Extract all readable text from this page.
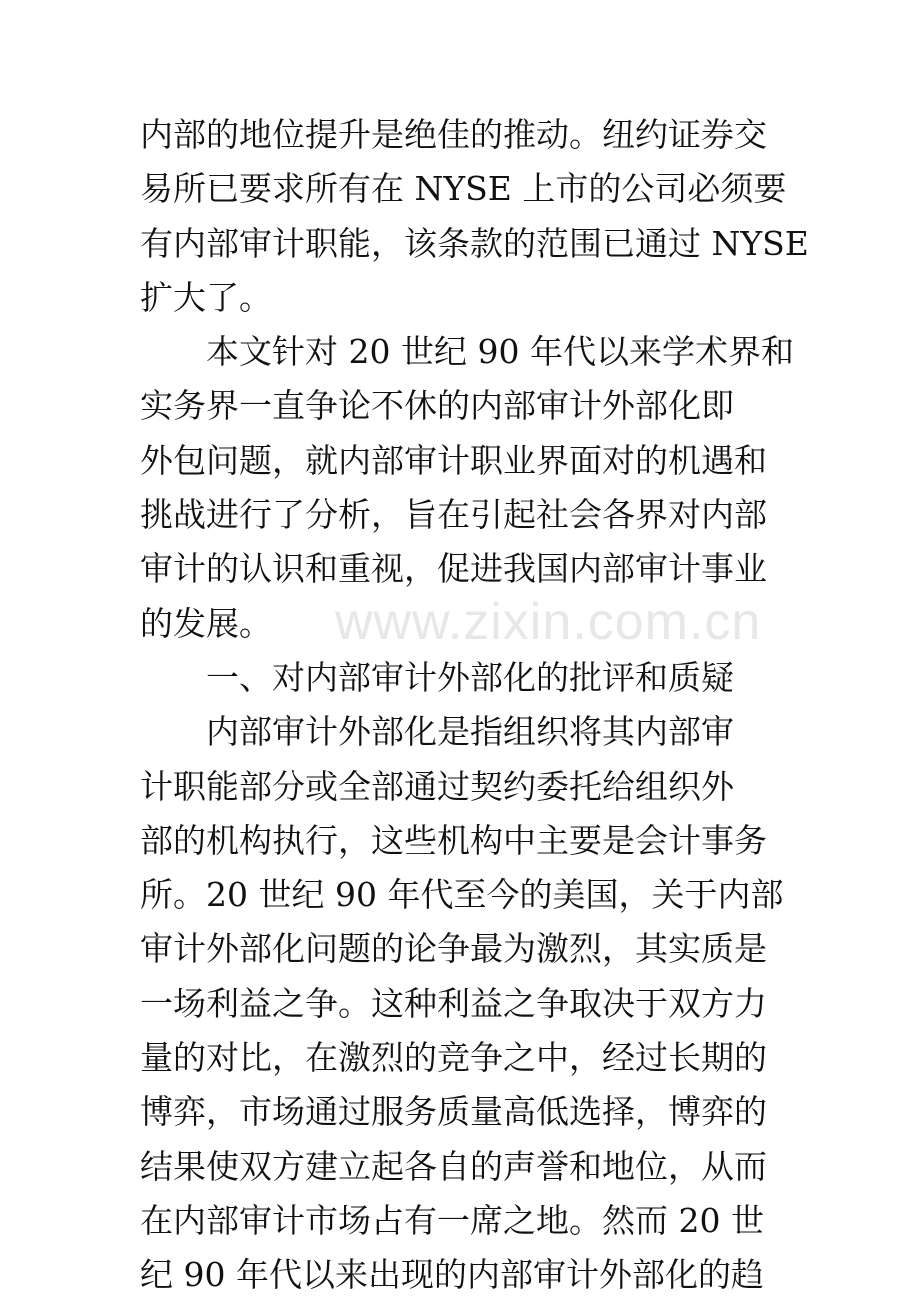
内部的地位提升是绝佳的推动。纽约证券交
易所已要求所有在 NYSE 上市的公司必须要
有内部审计职能，该条款的范围已通过 NYSE
扩大了。
　　本文针对 20 世纪 90 年代以来学术界和
实务界一直争论不休的内部审计外部化即
外包问题，就内部审计职业界面对的机遇和
挑战进行了分析，旨在引起社会各界对内部
审计的认识和重视，促进我国内部审计事业
的发展。
　　一、对内部审计外部化的批评和质疑
　　内部审计外部化是指组织将其内部审
计职能部分或全部通过契约委托给组织外
部的机构执行，这些机构中主要是会计事务
所。20 世纪 90 年代至今的美国，关于内部
审计外部化问题的论争最为激烈，其实质是
一场利益之争。这种利益之争取决于双方力
量的对比，在激烈的竞争之中，经过长期的
博弈，市场通过服务质量高低选择，博弈的
结果使双方建立起各自的声誉和地位，从而
在内部审计市场占有一席之地。然而 20 世
纪 90 年代以来出现的内部审计外部化的趋
www.zixin.com.cn
